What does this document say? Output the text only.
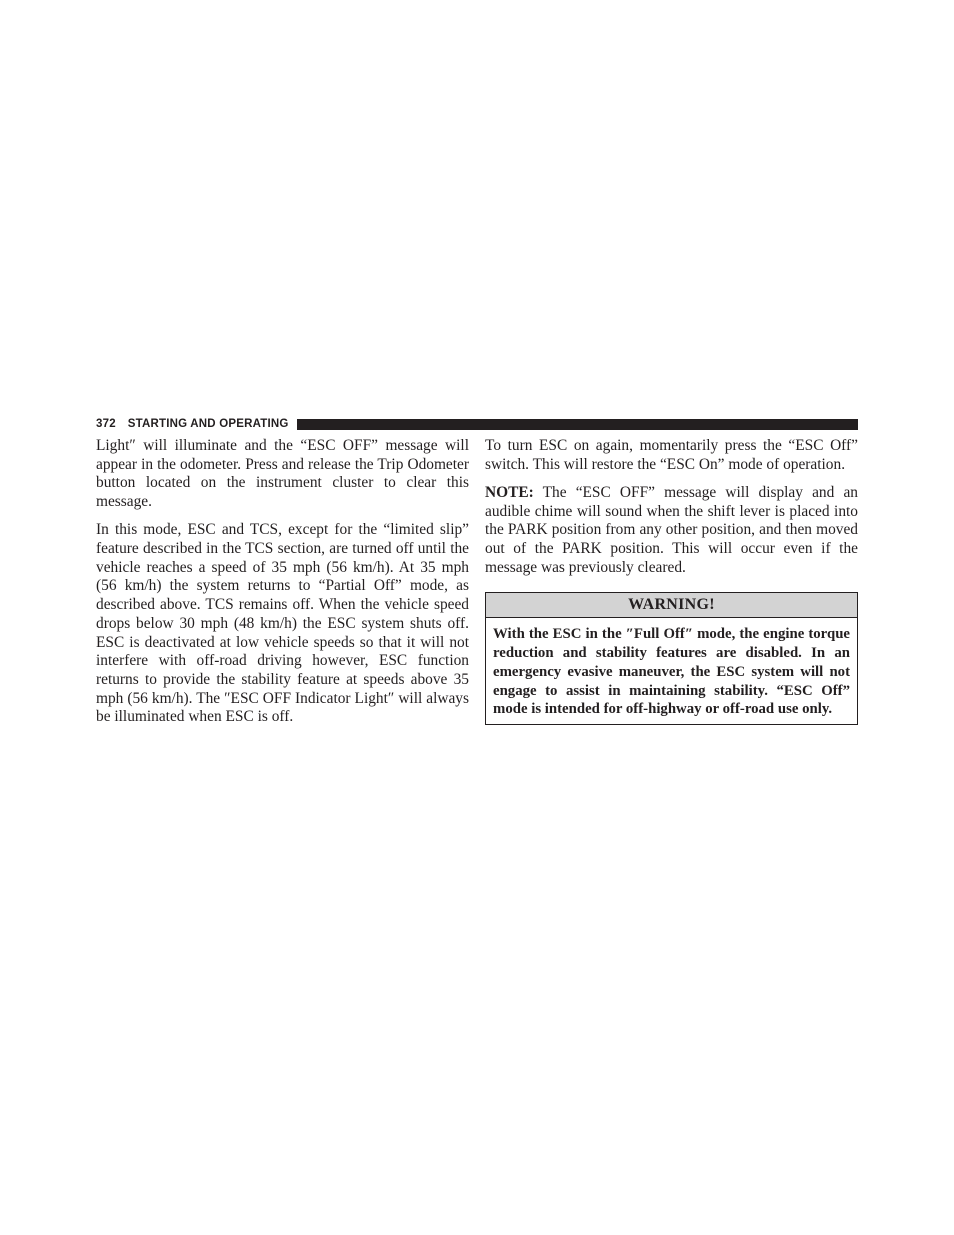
372 STARTING AND OPERATING

Light″ will illuminate and the “ESC OFF” message will appear in the odometer. Press and release the Trip Odometer button located on the instrument cluster to clear this message.

In this mode, ESC and TCS, except for the “limited slip” feature described in the TCS section, are turned off until the vehicle reaches a speed of 35 mph (56 km/h). At 35 mph (56 km/h) the system returns to “Partial Off” mode, as described above. TCS remains off. When the vehicle speed drops below 30 mph (48 km/h) the ESC system shuts off. ESC is deactivated at low vehicle speeds so that it will not interfere with off-road driving however, ESC function returns to provide the stability feature at speeds above 35 mph (56 km/h). The ″ESC OFF Indicator Light″ will always be illuminated when ESC is off.

To turn ESC on again, momentarily press the “ESC Off” switch. This will restore the “ESC On” mode of operation.

NOTE: The “ESC OFF” message will display and an audible chime will sound when the shift lever is placed into the PARK position from any other position, and then moved out of the PARK position. This will occur even if the message was previously cleared.

WARNING!
With the ESC in the ″Full Off″ mode, the engine torque reduction and stability features are disabled. In an emergency evasive maneuver, the ESC system will not engage to assist in maintaining stability. “ESC Off” mode is intended for off-highway or off-road use only.
